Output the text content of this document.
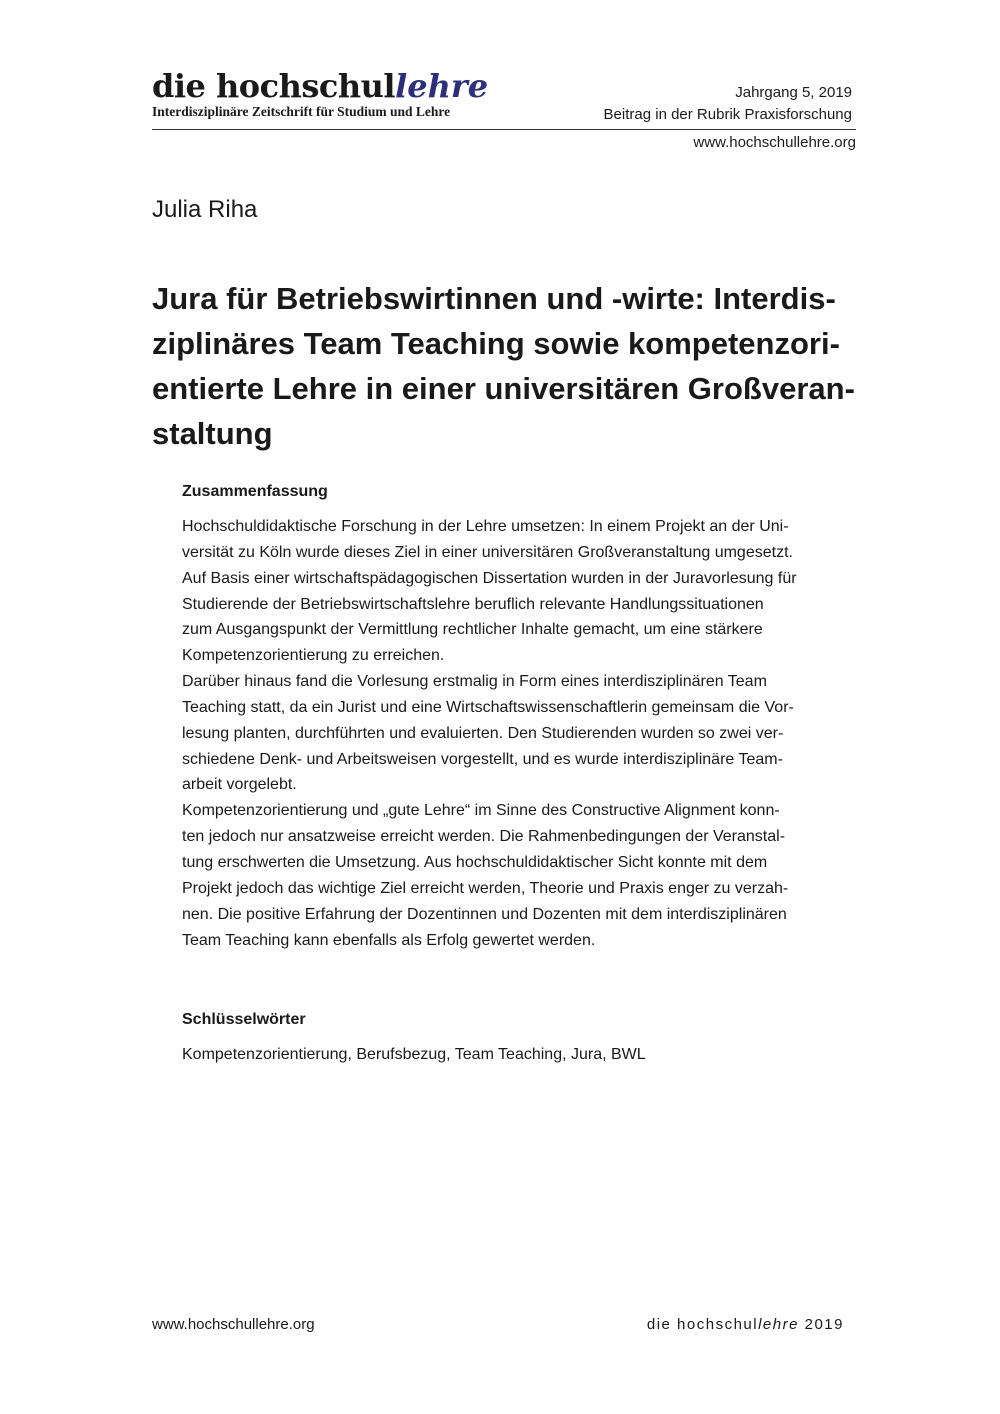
die hochschullehre
Interdisziplinäre Zeitschrift für Studium und Lehre
Jahrgang 5, 2019
Beitrag in der Rubrik Praxisforschung
www.hochschullehre.org
Julia Riha
Jura für Betriebswirtinnen und -wirte: Interdis-
ziplinäres Team Teaching sowie kompetenzori-
entierte Lehre in einer universitären Großveran-
staltung
Zusammenfassung
Hochschuldidaktische Forschung in der Lehre umsetzen: In einem Projekt an der Uni-
versität zu Köln wurde dieses Ziel in einer universitären Großveranstaltung umgesetzt.
Auf Basis einer wirtschaftspädagogischen Dissertation wurden in der Juravorlesung für
Studierende der Betriebswirtschaftslehre beruflich relevante Handlungssituationen
zum Ausgangspunkt der Vermittlung rechtlicher Inhalte gemacht, um eine stärkere
Kompetenzorientierung zu erreichen.
Darüber hinaus fand die Vorlesung erstmalig in Form eines interdisziplinären Team
Teaching statt, da ein Jurist und eine Wirtschaftswissenschaftlerin gemeinsam die Vor-
lesung planten, durchführten und evaluierten. Den Studierenden wurden so zwei ver-
schiedene Denk- und Arbeitsweisen vorgestellt, und es wurde interdisziplinäre Team-
arbeit vorgelebt.
Kompetenzorientierung und „gute Lehre“ im Sinne des Constructive Alignment konn-
ten jedoch nur ansatzweise erreicht werden. Die Rahmenbedingungen der Veranstal-
tung erschwerten die Umsetzung. Aus hochschuldidaktischer Sicht konnte mit dem
Projekt jedoch das wichtige Ziel erreicht werden, Theorie und Praxis enger zu verzah-
nen. Die positive Erfahrung der Dozentinnen und Dozenten mit dem interdisziplinären
Team Teaching kann ebenfalls als Erfolg gewertet werden.
Schlüsselwörter
Kompetenzorientierung, Berufsbezug, Team Teaching, Jura, BWL
www.hochschullehre.org	die hochschullehre 2019
